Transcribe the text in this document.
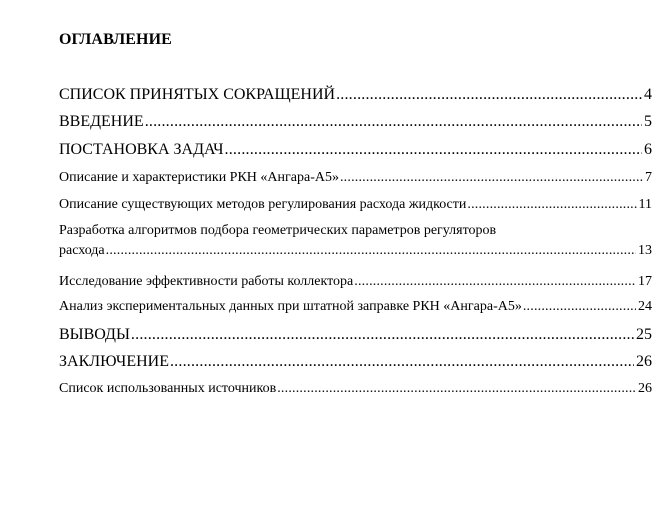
ОГЛАВЛЕНИЕ
СПИСОК ПРИНЯТЫХ СОКРАЩЕНИЙ .....	4
ВВЕДЕНИЕ .....	5
ПОСТАНОВКА ЗАДАЧ .....	6
Описание и характеристики РКН «Ангара-А5» .....	7
Описание существующих методов регулирования расхода жидкости .....	11
Разработка алгоритмов подбора геометрических параметров регуляторов
расхода .....	13
Исследование эффективности работы коллектора .....	17
Анализ экспериментальных данных при штатной заправке РКН «Ангара-А5» .....	24
ВЫВОДЫ .....	25
ЗАКЛЮЧЕНИЕ .....	26
Список использованных источников .....	26
